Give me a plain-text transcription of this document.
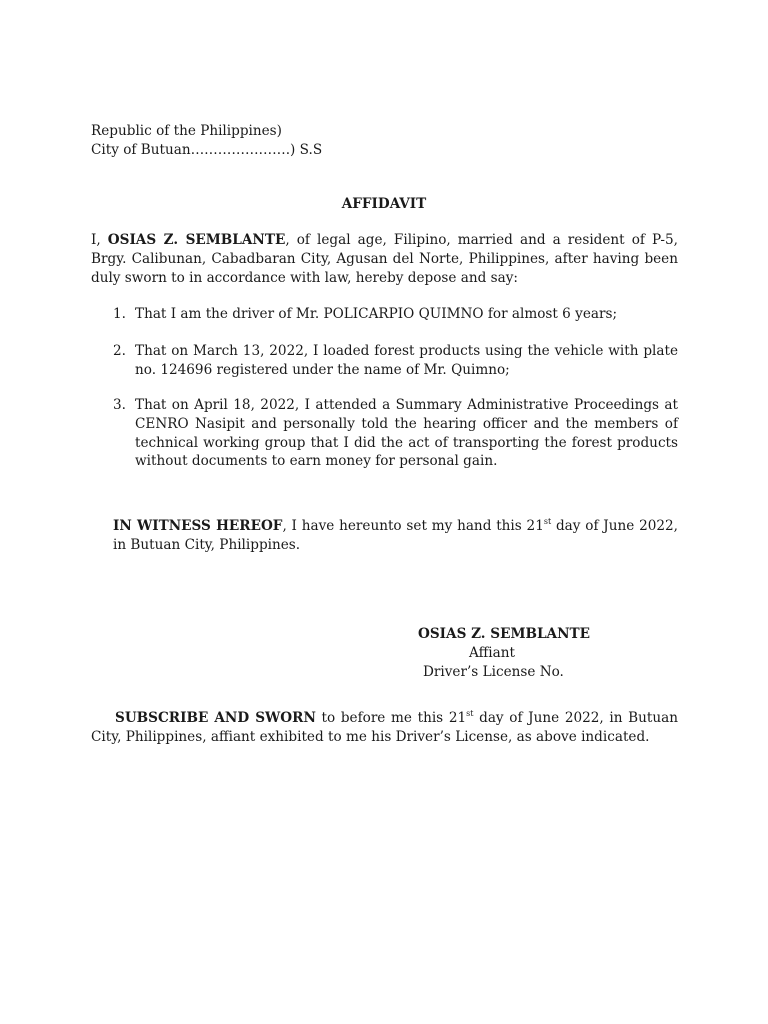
Republic of the Philippines)
City of Butuan………………….) S.S
AFFIDAVIT
I, OSIAS Z. SEMBLANTE, of legal age, Filipino, married and a resident of P-5, Brgy. Calibunan, Cabadbaran City, Agusan del Norte, Philippines, after having been duly sworn to in accordance with law, hereby depose and say:
1. That I am the driver of Mr. POLICARPIO QUIMNO for almost 6 years;
2. That on March 13, 2022, I loaded forest products using the vehicle with plate no. 124696 registered under the name of Mr. Quimno;
3. That on April 18, 2022, I attended a Summary Administrative Proceedings at CENRO Nasipit and personally told the hearing officer and the members of technical working group that I did the act of transporting the forest products without documents to earn money for personal gain.
IN WITNESS HEREOF, I have hereunto set my hand this 21st day of June 2022, in Butuan City, Philippines.
OSIAS Z. SEMBLANTE
Affiant
Driver’s License No.
SUBSCRIBE AND SWORN to before me this 21st day of June 2022, in Butuan City, Philippines, affiant exhibited to me his Driver’s License, as above indicated.
